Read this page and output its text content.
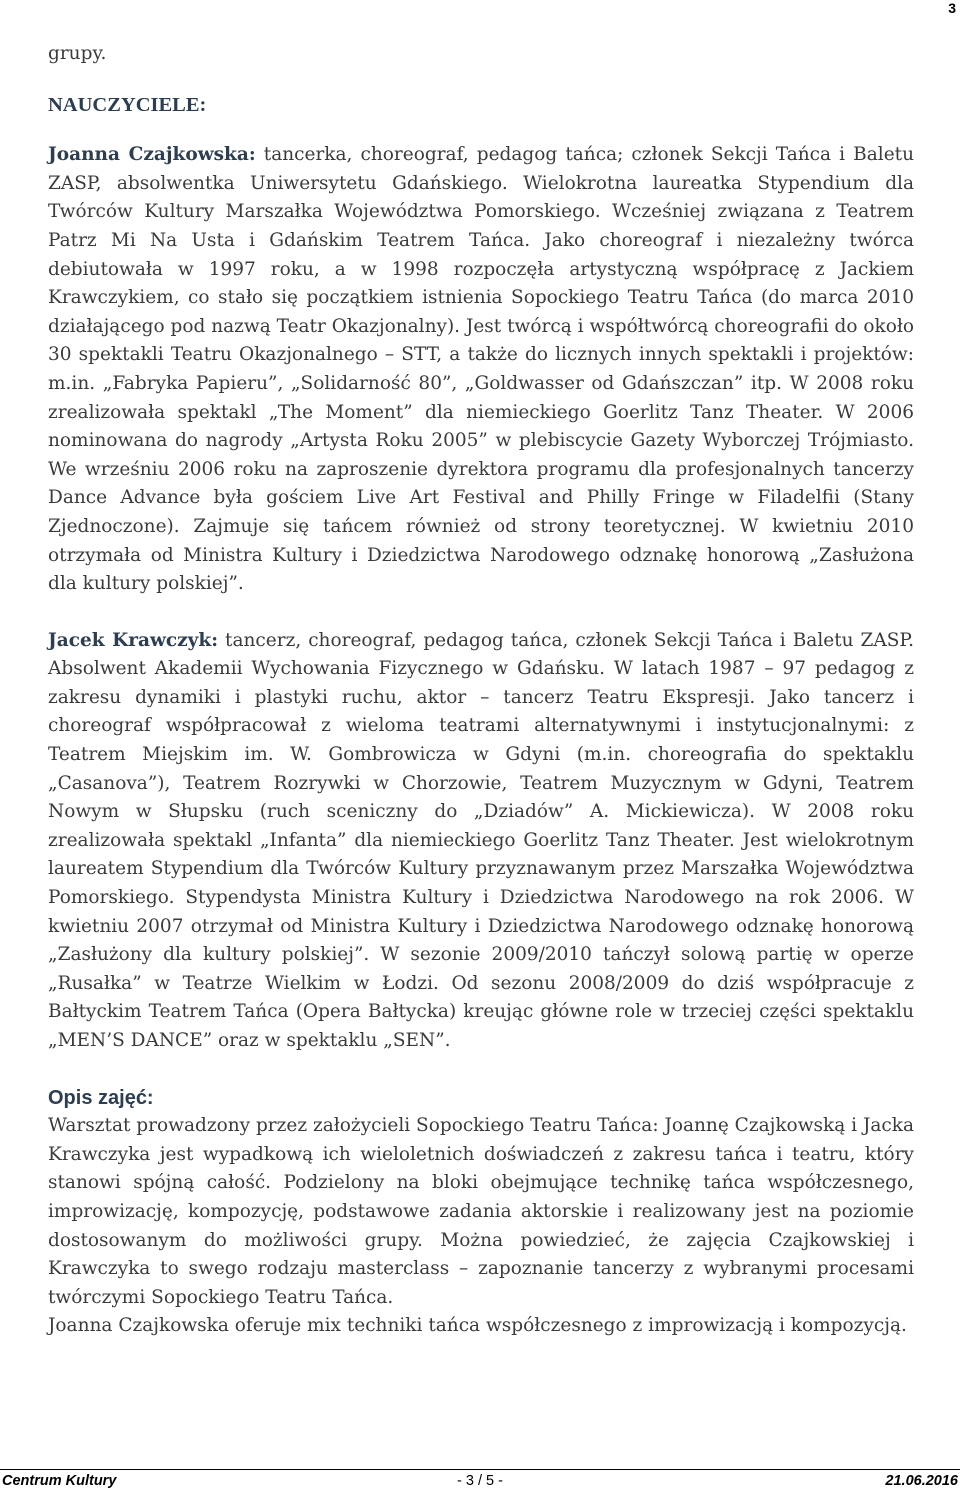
3

grupy.

NAUCZYCIELE:

Joanna Czajkowska: tancerka, choreograf, pedagog tańca; członek Sekcji Tańca i Baletu ZASP, absolwentka Uniwersytetu Gdańskiego. Wielokrotna laureatka Stypendium dla Twórców Kultury Marszałka Województwa Pomorskiego. Wcześniej związana z Teatrem Patrz Mi Na Usta i Gdańskim Teatrem Tańca. Jako choreograf i niezależny twórca debiutowała w 1997 roku, a w 1998 rozpoczęła artystyczną współpracę z Jackiem Krawczykiem, co stało się początkiem istnienia Sopockiego Teatru Tańca (do marca 2010 działającego pod nazwą Teatr Okazjonalny). Jest twórcą i współtwórcą choreografii do około 30 spektakli Teatru Okazjonalnego – STT, a także do licznych innych spektakli i projektów: m.in. „Fabryka Papieru”, „Solidarność 80”, „Goldwasser od Gdańszczan” itp. W 2008 roku zrealizowała spektakl „The Moment” dla niemieckiego Goerlitz Tanz Theater. W 2006 nominowana do nagrody „Artysta Roku 2005” w plebiscycie Gazety Wyborczej Trójmiasto. We wrześniu 2006 roku na zaproszenie dyrektora programu dla profesjonalnych tancerzy Dance Advance była gościem Live Art Festival and Philly Fringe w Filadelfii (Stany Zjednoczone). Zajmuje się tańcem również od strony teoretycznej. W kwietniu 2010 otrzymała od Ministra Kultury i Dziedzictwa Narodowego odznakę honorową „Zasłużona dla kultury polskiej”.

Jacek Krawczyk: tancerz, choreograf, pedagog tańca, członek Sekcji Tańca i Baletu ZASP. Absolwent Akademii Wychowania Fizycznego w Gdańsku. W latach 1987 – 97 pedagog z zakresu dynamiki i plastyki ruchu, aktor – tancerz Teatru Ekspresji. Jako tancerz i choreograf współpracował z wieloma teatrami alternatywnymi i instytucjonalnymi: z Teatrem Miejskim im. W. Gombrowicza w Gdyni (m.in. choreografia do spektaklu „Casanova”), Teatrem Rozrywki w Chorzowie, Teatrem Muzycznym w Gdyni, Teatrem Nowym w Słupsku (ruch sceniczny do „Dziadów” A. Mickiewicza). W 2008 roku zrealizowała spektakl „Infanta” dla niemieckiego Goerlitz Tanz Theater. Jest wielokrotnym laureatem Stypendium dla Twórców Kultury przyznawanym przez Marszałka Województwa Pomorskiego. Stypendysta Ministra Kultury i Dziedzictwa Narodowego na rok 2006. W kwietniu 2007 otrzymał od Ministra Kultury i Dziedzictwa Narodowego odznakę honorową „Zasłużony dla kultury polskiej”. W sezonie 2009/2010 tańczył solową partię w operze „Rusałka” w Teatrze Wielkim w Łodzi. Od sezonu 2008/2009 do dziś współpracuje z Bałtyckim Teatrem Tańca (Opera Bałtycka) kreując główne role w trzeciej części spektaklu „MEN’S DANCE” oraz w spektaklu „SEN”.

Opis zajęć:

Warsztat prowadzony przez założycieli Sopockiego Teatru Tańca: Joannę Czajkowską i Jacka Krawczyka jest wypadkową ich wieloletnich doświadczeń z zakresu tańca i teatru, który stanowi spójną całość. Podzielony na bloki obejmujące technikę tańca współczesnego, improwizację, kompozycję, podstawowe zadania aktorskie i realizowany jest na poziomie dostosowanym do możliwości grupy. Można powiedzieć, że zajęcia Czajkowskiej i Krawczyka to swego rodzaju masterclass – zapoznanie tancerzy z wybranymi procesami twórczymi Sopockiego Teatru Tańca.

Joanna Czajkowska oferuje mix techniki tańca współczesnego z improwizacją i kompozycją.

Centrum Kultury	- 3 / 5 -	21.06.2016
